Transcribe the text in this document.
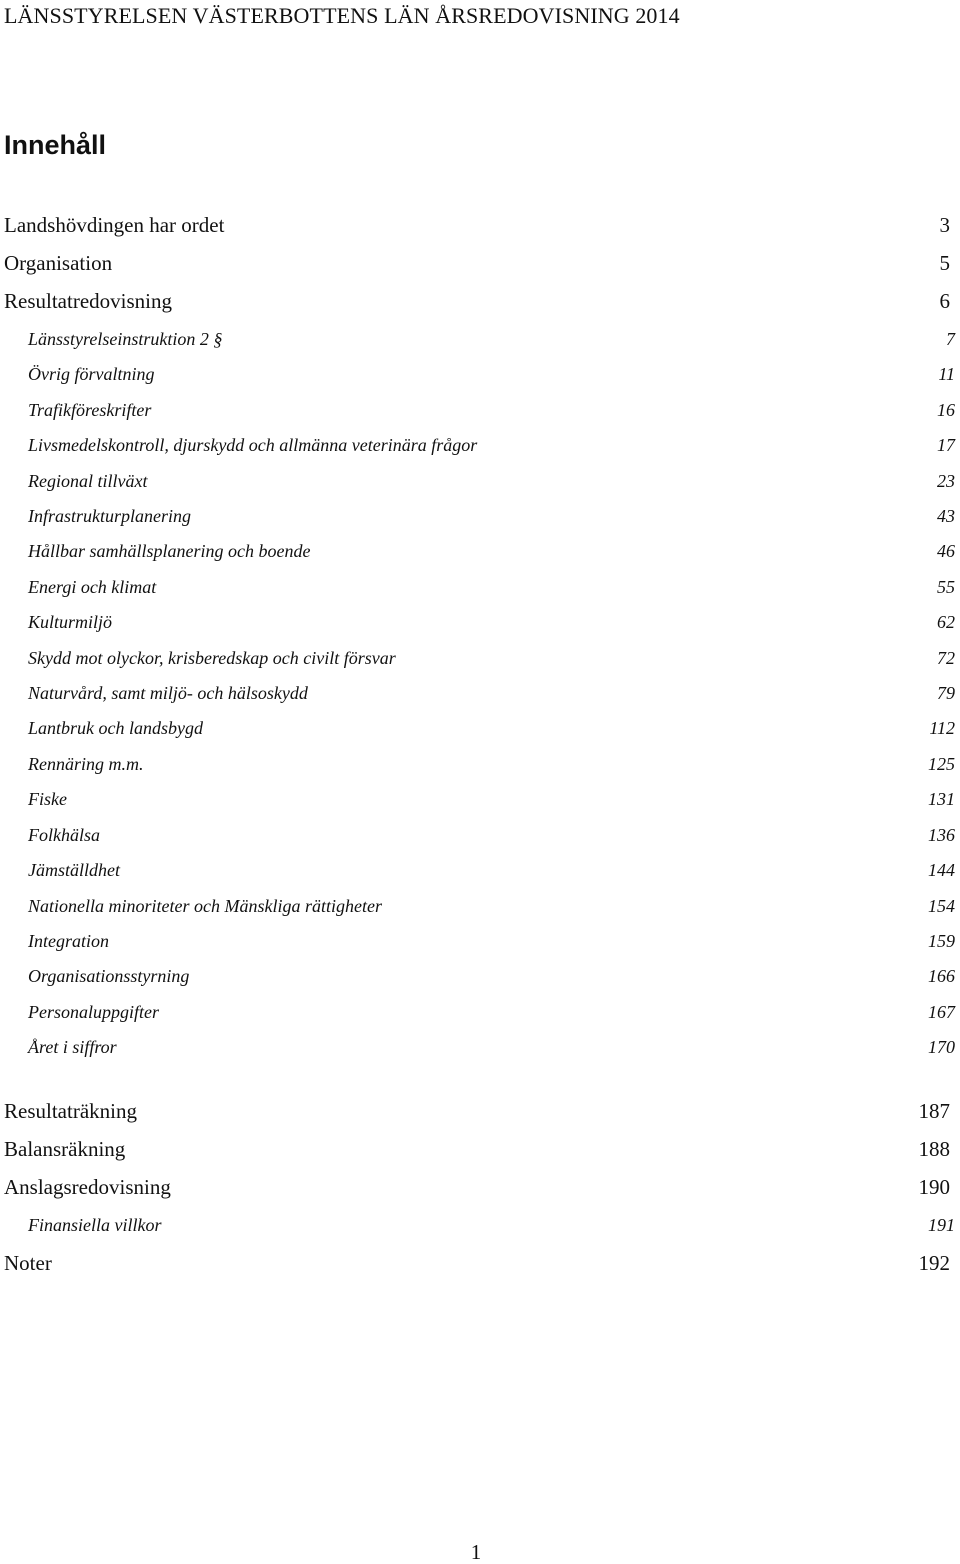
LÄNSSTYRELSEN VÄSTERBOTTENS LÄN ÅRSREDOVISNING 2014
Innehåll
Landshövdingen har ordet	3
Organisation	5
Resultatredovisning	6
Länsstyrelseinstruktion 2 §	7
Övrig förvaltning	11
Trafikföreskrifter	16
Livsmedelskontroll, djurskydd och allmänna veterinära frågor	17
Regional tillväxt	23
Infrastrukturplanering	43
Hållbar samhällsplanering och boende	46
Energi och klimat	55
Kulturmiljö	62
Skydd mot olyckor, krisberedskap och civilt försvar	72
Naturvård, samt miljö- och hälsoskydd	79
Lantbruk och landsbygd	112
Rennäring m.m.	125
Fiske	131
Folkhälsa	136
Jämställdhet	144
Nationella minoriteter och Mänskliga rättigheter	154
Integration	159
Organisationsstyrning	166
Personaluppgifter	167
Året i siffror	170
Resultaträkning	187
Balansräkning	188
Anslagsredovisning	190
Finansiella villkor	191
Noter	192
1
